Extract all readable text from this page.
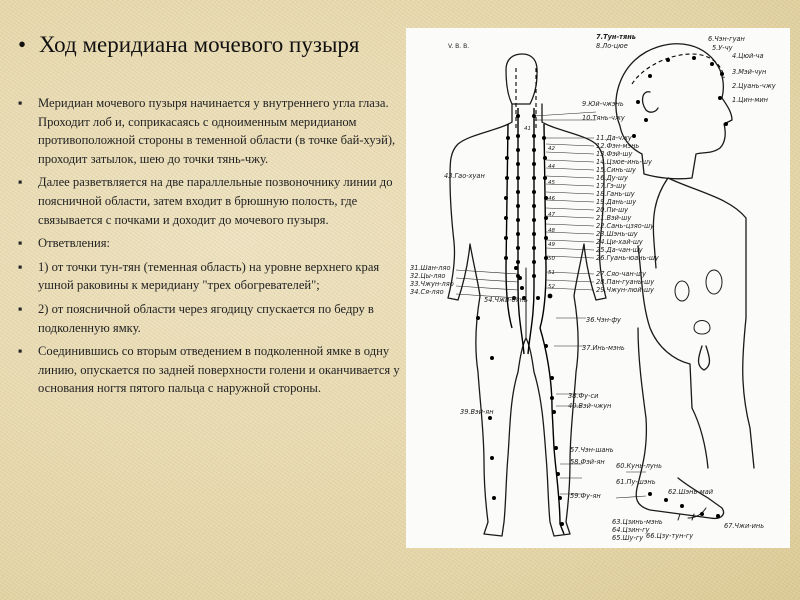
• Ход меридиана мочевого пузыря
▪ Меридиан мочевого пузыря начинается у внутреннего угла глаза. Проходит лоб и, соприкасаясь с одноименным меридианом противоположной стороны в теменной области (в точке бай-хуэй), проходит затылок, шею до точки тянь-чжу.
▪ Далее разветвляется на две параллельные позвоночнику линии до поясничной области, затем входит в брюшную полость, где связывается с почками и доходит до мочевого пузыря.
▪ Ответвления:
▪ 1) от точки тун-тян (теменная область) на уровне верхнего края ушной раковины к меридиану "трех обогревателей";
▪ 2) от поясничной области через ягодицу спускается по бедру в подколенную ямку.
▪ Соединившись со вторым отведением в подколенной ямке в одну линию, опускается по задней поверхности голени и оканчивается у основания ногтя пятого пальца с наружной стороны.
V. B. B.
7.Тун-тянь
8.Ло-цюе
6.Чэн-гуан
5.У-чу
4.Цюй-ча
3.Мэй-чун
2.Цуань-чжу
1.Цин-мин
9.Юй-чжэнь
10.Тянь-чжу
11.Да-чжу
12.Фэн-мэнь
13.Фэй-шу
14.Цзюе-инь-шу
15.Синь-шу
16.Ду-шу
17.Гэ-шу
18.Гань-шу
19.Дань-шу
20.Пи-шу
21.Вэй-шу
22.Сань-цзяо-шу
23.Шэнь-шу
24.Ци-хай-шу
25.Да-чан-шу
26.Гуань-юань-шу
27.Сяо-чан-шу
28.Пан-гуань-шу
29.Чжун-люй-шу
43.Гао-хуан
31.Шан-ляо
32.Цы-ляо
33.Чжун-ляо
34.Ся-ляо
54.Чжи-бянь
39.Вэй-ян
36.Чэн-фу
37.Инь-мэнь
38.Фу-си
40.Вэй-чжун
57.Чэн-шань
58.Фэй-ян
59.Фу-ян
60.Кунь-лунь
61.Пу-шэнь
62.Шэнь-май
63.Цзинь-мэнь
64.Цзин-гу
65.Шу-гу 66.Цзу-тун-гу
67.Чжи-инь
41
42
44
45
46
47
48
49
50
51
52
